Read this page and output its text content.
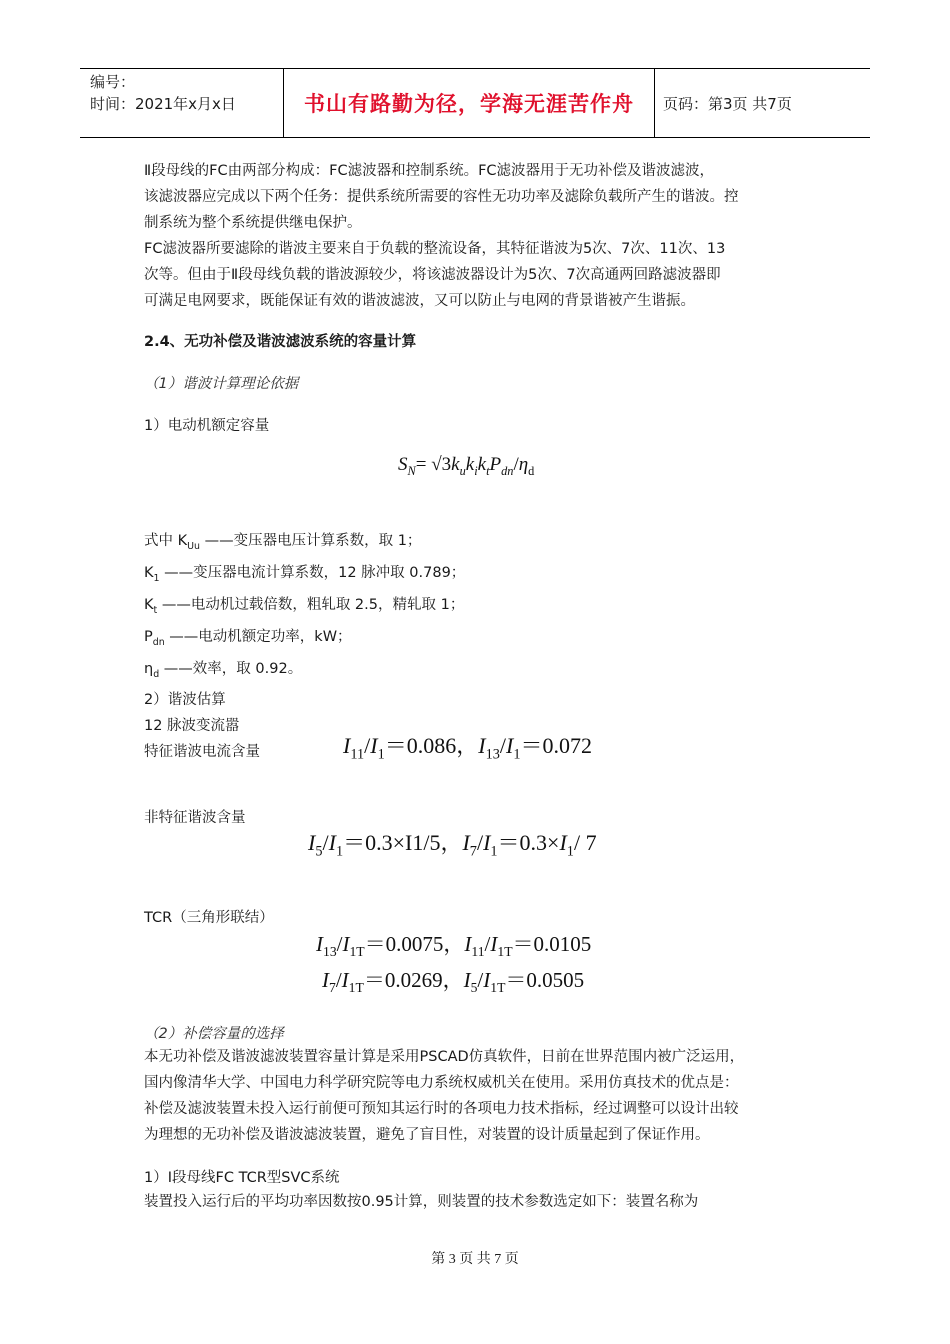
编号：
时间：2021年x月x日	书山有路勤为径，学海无涯苦作舟	页码：第3页 共7页
Ⅱ段母线的FC由两部分构成：FC滤波器和控制系统。FC滤波器用于无功补偿及谐波滤波，
该滤波器应完成以下两个任务：提供系统所需要的容性无功功率及滤除负载所产生的谐波。控
制系统为整个系统提供继电保护。
FC滤波器所要滤除的谐波主要来自于负载的整流设备，其特征谐波为5次、7次、11次、13
次等。但由于Ⅱ段母线负载的谐波源较少，将该滤波器设计为5次、7次高通两回路滤波器即
可满足电网要求，既能保证有效的谐波滤波，又可以防止与电网的背景谐被产生谐振。
2.4、无功补偿及谐波滤波系统的容量计算
（1）谐波计算理论依据
1）电动机额定容量
式中 $K_{Uu}$ ——变压器电压计算系数，取 1；
$K_1$ ——变压器电流计算系数，12 脉冲取 0.789；
$K_t$ ——电动机过载倍数，粗轧取 2.5，精轧取 1；
$P_{dn}$ ——电动机额定功率，kW；
$\eta_d$ ——效率，取 0.92。
2）谐波估算
12 脉波变流嚣
特征谐波电流含量
非特征谐波含量
TCR（三角形联结）
（2）补偿容量的选择
本无功补偿及谐波滤波装置容量计算是采用PSCAD仿真软件，日前在世界范围内被广泛运用，
国内像清华大学、中国电力科学研究院等电力系统权威机关在使用。采用仿真技术的优点是：
补偿及滤波装置未投入运行前便可预知其运行时的各项电力技术指标，经过调整可以设计出较
为理想的无功补偿及谐波滤波装置，避免了盲目性，对装置的设计质量起到了保证作用。
1）I段母线FC TCR型SVC系统
装置投入运行后的平均功率因数按0.95计算，则装置的技术参数选定如下：装置名称为
$S_N= √3k_uk_ik_tP_{dn}/\eta_d$
$I_{11}/I_1=0.086$，$I_{13}/I_1=0.072$
$I_5/I_1=0.3\times I1/5$，$I_7/I_1=0.3\times I_1/$ 7
$I_{13}/I_{1T}=0.0075$，$I_{11}/I_{1T}=0.0105$
$I_7/I_{1T}=0.0269$，$I_5/I_{1T}=0.0505$
第 3 页 共 7 页
